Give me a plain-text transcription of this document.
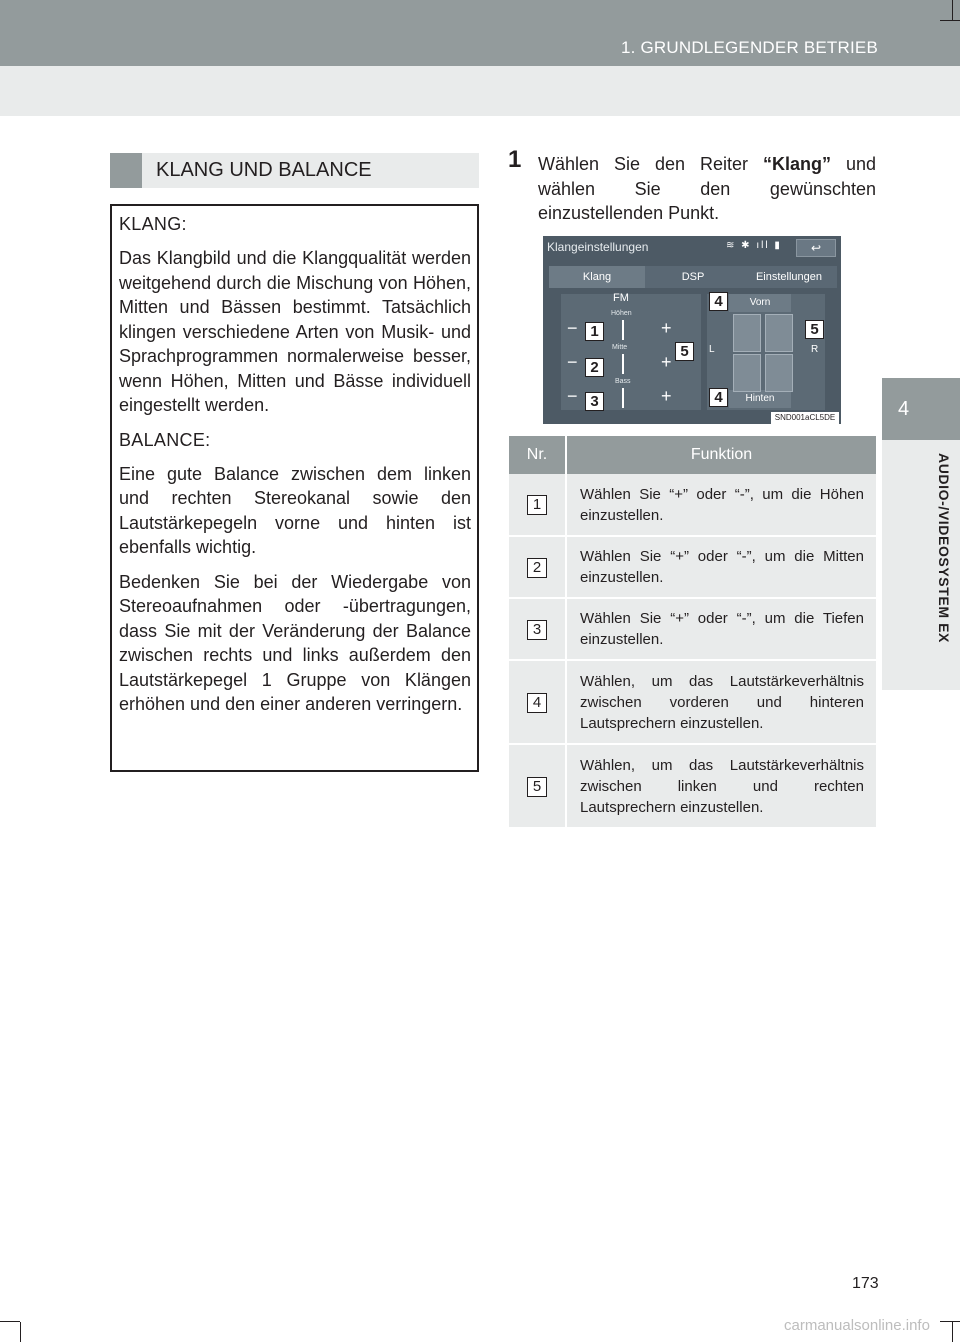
1. GRUNDLEGENDER BETRIEB
4
AUDIO-/VIDEOSYSTEM EX
KLANG UND BALANCE
KLANG:
Das Klangbild und die Klangqualität werden weitgehend durch die Mischung von Höhen, Mitten und Bässen bestimmt. Tatsächlich klingen verschiedene Arten von Musik- und Sprachprogrammen normalerweise besser, wenn Höhen, Mitten und Bässe individuell eingestellt werden.
BALANCE:
Eine gute Balance zwischen dem linken und rechten Stereokanal sowie den Lautstärkepegeln vorne und hinten ist ebenfalls wichtig.
Bedenken Sie bei der Wiedergabe von Stereoaufnahmen oder -übertragungen, dass Sie mit der Veränderung der Balance zwischen rechts und links außerdem den Lautstärkepegel 1 Gruppe von Klängen erhöhen und den einer anderen verringern.
1 Wählen Sie den Reiter “Klang” und wählen Sie den gewünschten einzustellenden Punkt.
Klangeinstellungen	≋ ✱ ıll ▮	↩
Klang	DSP	Einstellungen
FM
Höhen
Mitte
Bass
−	+
−	+
−	+
Vorn
Hinten
L	R
SND001aCL5DE
1
2
3
4
4
5
5
Nr.	Funktion
1	Wählen Sie “+” oder “-”, um die Höhen einzustellen.
2	Wählen Sie “+” oder “-”, um die Mitten einzustellen.
3	Wählen Sie “+” oder “-”, um die Tiefen einzustellen.
4	Wählen, um das Lautstärkeverhältnis zwischen vorderen und hinteren Lautsprechern einzustellen.
5	Wählen, um das Lautstärkeverhältnis zwischen linken und rechten Lautsprechern einzustellen.
173
carmanualsonline.info
